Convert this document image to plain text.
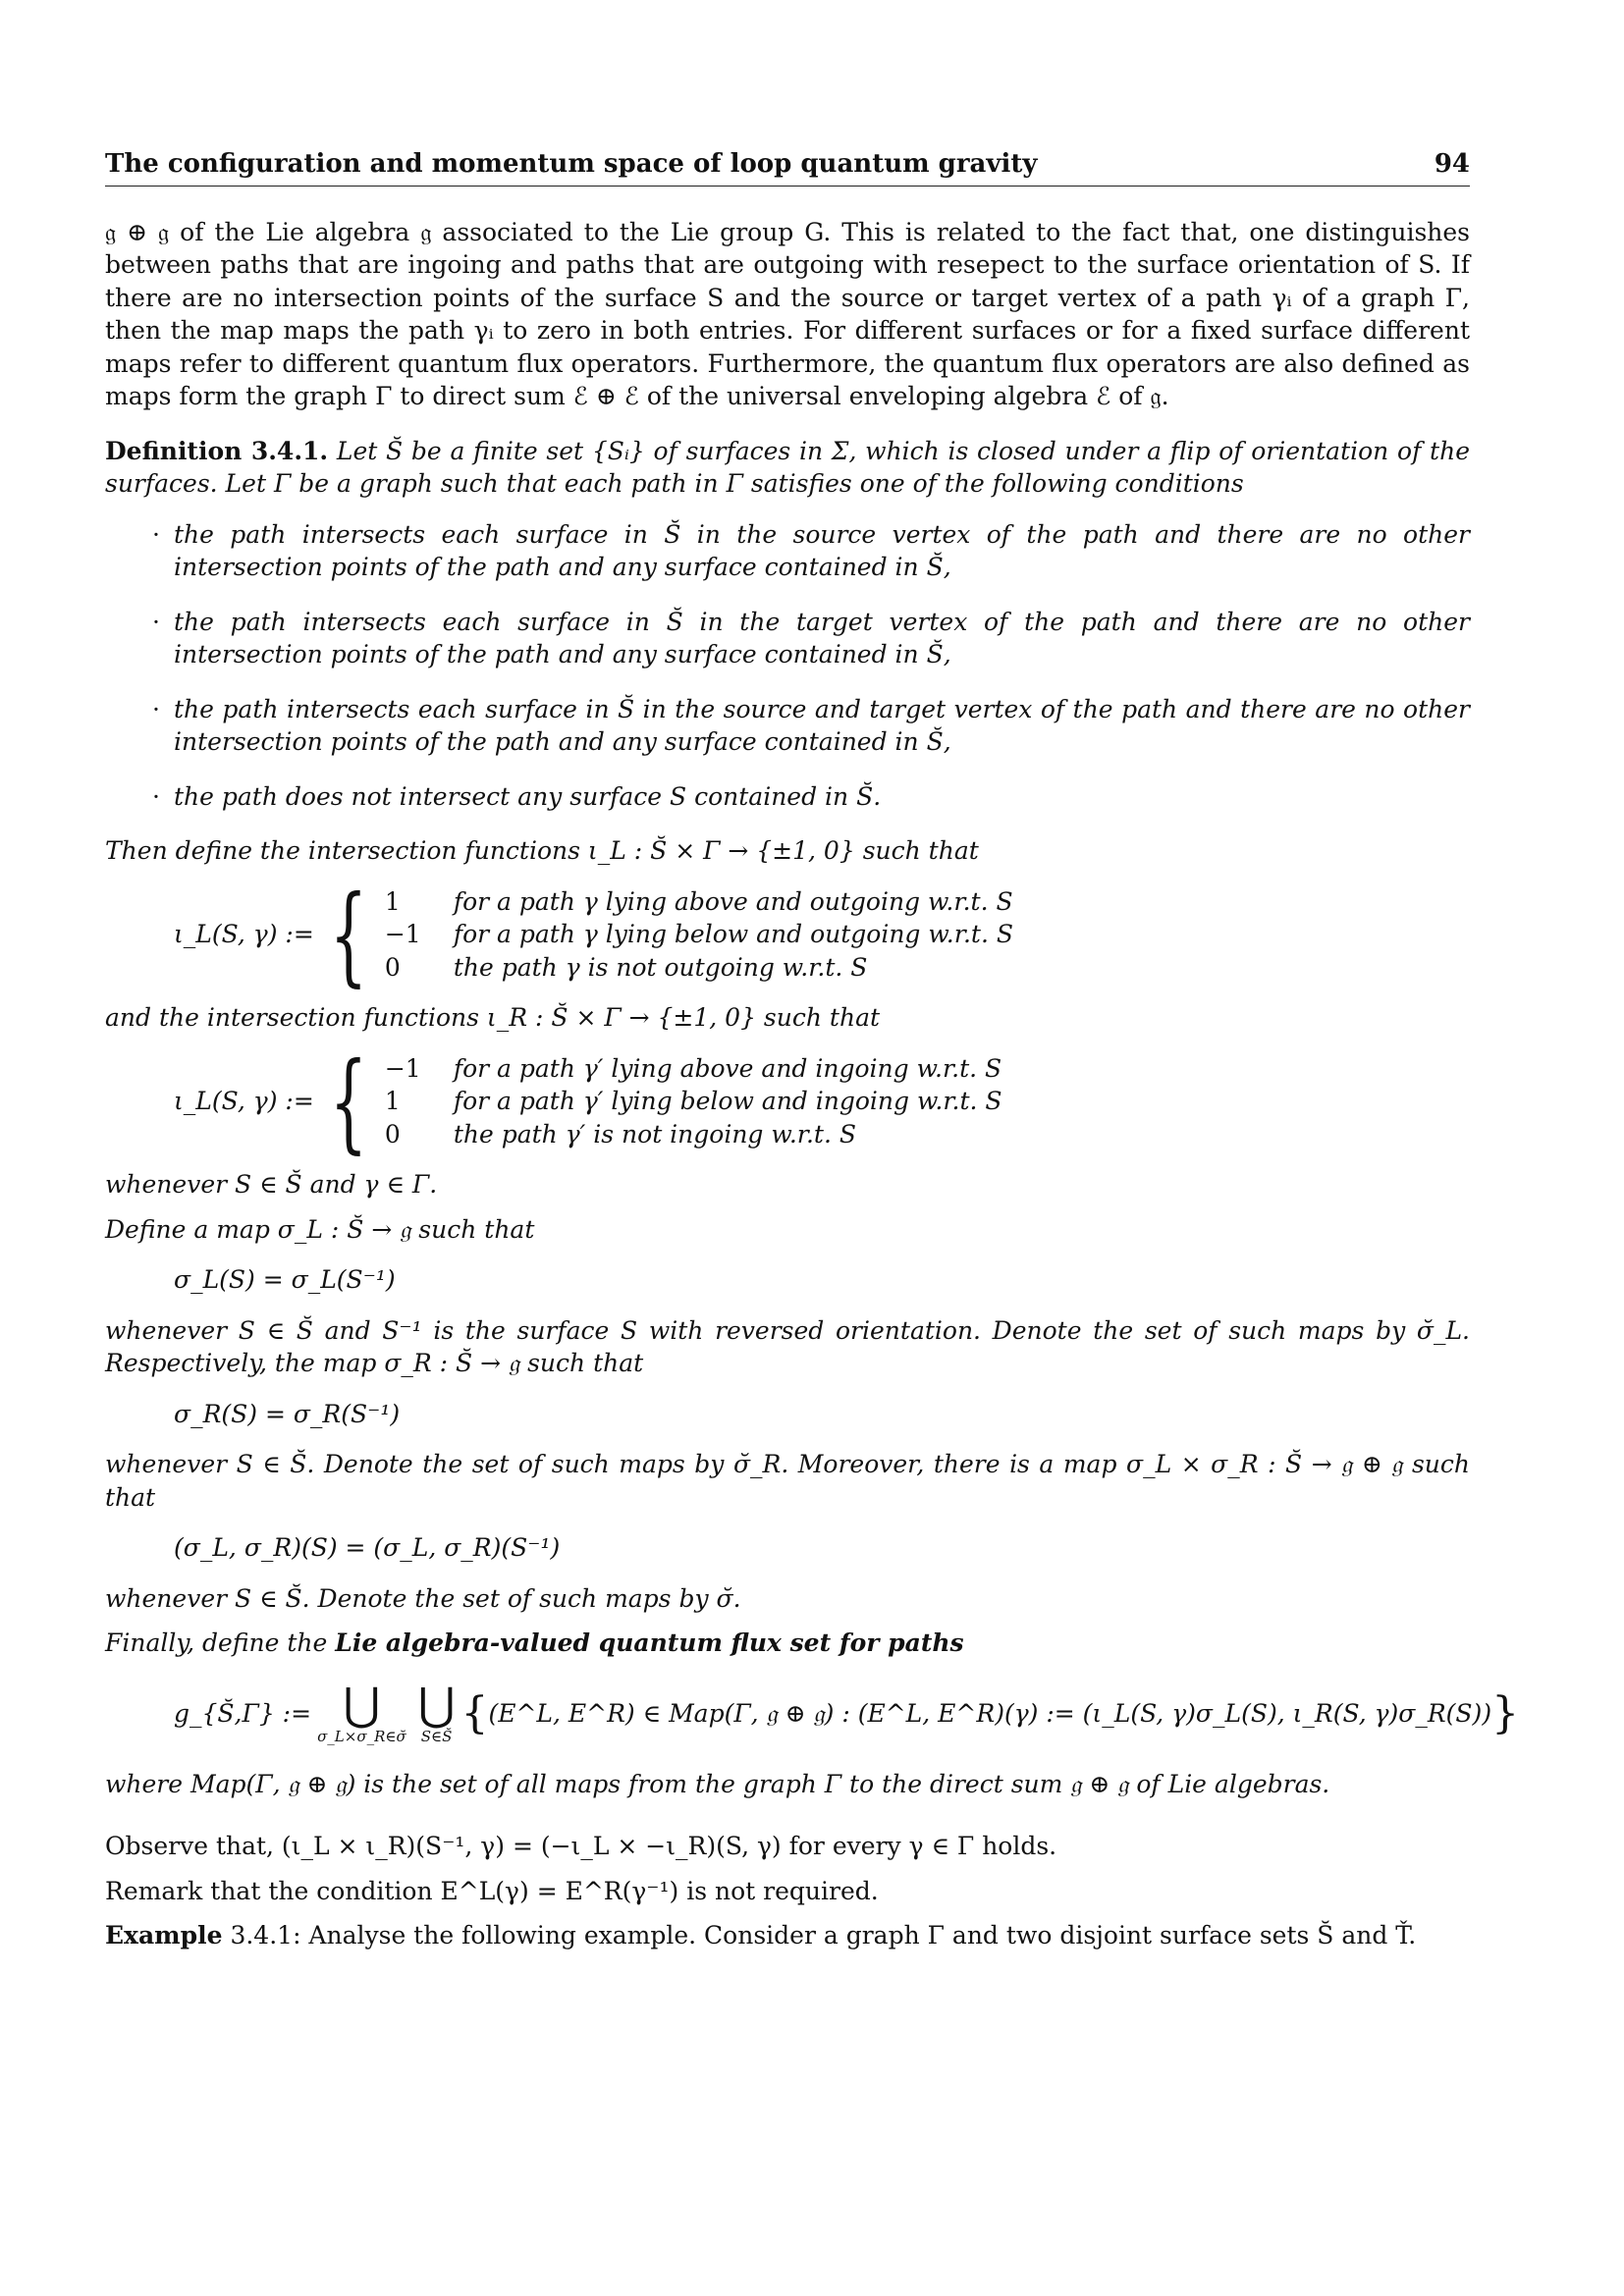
The configuration and momentum space of loop quantum gravity	94

𝔤 ⊕ 𝔤 of the Lie algebra 𝔤 associated to the Lie group G. This is related to the fact that, one distinguishes between paths that are ingoing and paths that are outgoing with resepect to the surface orientation of S. If there are no intersection points of the surface S and the source or target vertex of a path γᵢ of a graph Γ, then the map maps the path γᵢ to zero in both entries. For different surfaces or for a fixed surface different maps refer to different quantum flux operators. Furthermore, the quantum flux operators are also defined as maps form the graph Γ to direct sum ℰ ⊕ ℰ of the universal enveloping algebra ℰ of 𝔤.

Definition 3.4.1. Let S̆ be a finite set {Sᵢ} of surfaces in Σ, which is closed under a flip of orientation of the surfaces. Let Γ be a graph such that each path in Γ satisfies one of the following conditions

· the path intersects each surface in S̆ in the source vertex of the path and there are no other intersection points of the path and any surface contained in S̆,
· the path intersects each surface in S̆ in the target vertex of the path and there are no other intersection points of the path and any surface contained in S̆,
· the path intersects each surface in S̆ in the source and target vertex of the path and there are no other intersection points of the path and any surface contained in S̆,
· the path does not intersect any surface S contained in S̆.

Then define the intersection functions ι_L : S̆ × Γ → {±1, 0} such that

ι_L(S, γ) := { 1	for a path γ lying above and outgoing w.r.t. S
−1	for a path γ lying below and outgoing w.r.t. S
0	the path γ is not outgoing w.r.t. S

and the intersection functions ι_R : S̆ × Γ → {±1, 0} such that

ι_L(S, γ) := { −1	for a path γ′ lying above and ingoing w.r.t. S
1	for a path γ′ lying below and ingoing w.r.t. S
0	the path γ′ is not ingoing w.r.t. S

whenever S ∈ S̆ and γ ∈ Γ.

Define a map σ_L : S̆ → 𝔤 such that

σ_L(S) = σ_L(S⁻¹)

whenever S ∈ S̆ and S⁻¹ is the surface S with reversed orientation. Denote the set of such maps by σ̆_L. Respectively, the map σ_R : S̆ → 𝔤 such that

σ_R(S) = σ_R(S⁻¹)

whenever S ∈ S̆. Denote the set of such maps by σ̆_R. Moreover, there is a map σ_L × σ_R : S̆ → 𝔤 ⊕ 𝔤 such that

(σ_L, σ_R)(S) = (σ_L, σ_R)(S⁻¹)

whenever S ∈ S̆. Denote the set of such maps by σ̆.

Finally, define the Lie algebra-valued quantum flux set for paths

g_{S̆,Γ} := ⋃
σ_L×σ_R∈σ̆
⋃
S∈S̆ { (E^L, E^R) ∈ Map(Γ, 𝔤 ⊕ 𝔤) : (E^L, E^R)(γ) := (ι_L(S, γ)σ_L(S), ι_R(S, γ)σ_R(S)) }

where Map(Γ, 𝔤 ⊕ 𝔤) is the set of all maps from the graph Γ to the direct sum 𝔤 ⊕ 𝔤 of Lie algebras.

Observe that, (ι_L × ι_R)(S⁻¹, γ) = (−ι_L × −ι_R)(S, γ) for every γ ∈ Γ holds.

Remark that the condition E^L(γ) = E^R(γ⁻¹) is not required.

Example 3.4.1: Analyse the following example. Consider a graph Γ and two disjoint surface sets S̆ and Ť.
